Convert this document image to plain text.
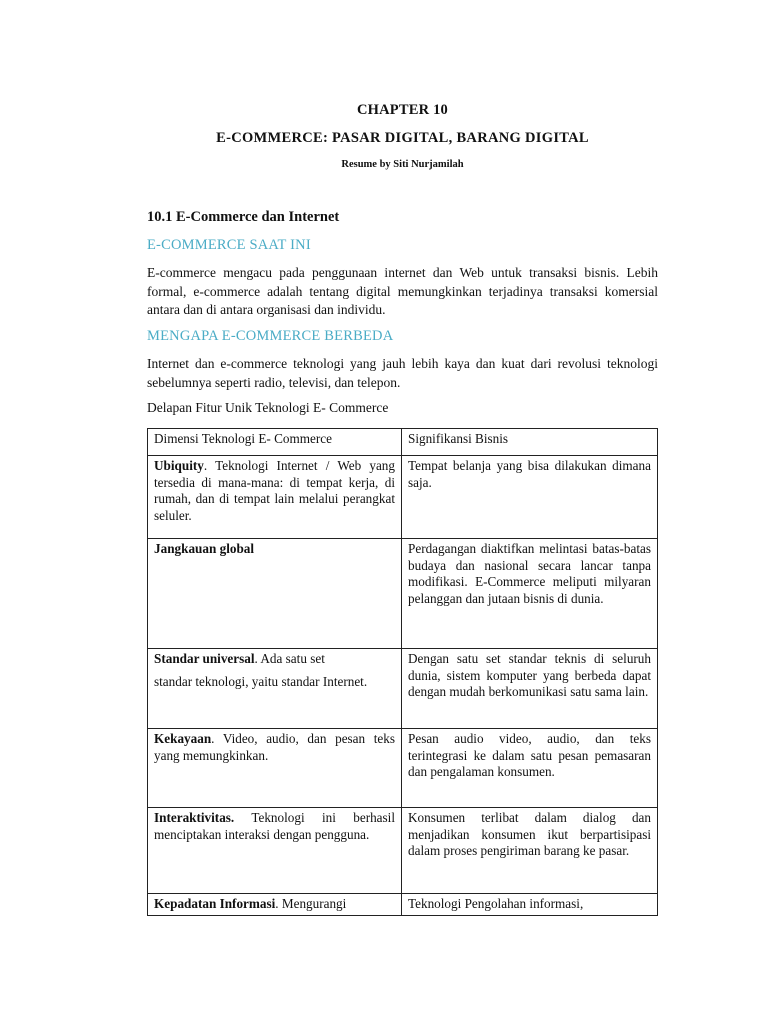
CHAPTER 10
E-COMMERCE: PASAR DIGITAL, BARANG DIGITAL
Resume by Siti Nurjamilah
10.1 E-Commerce dan Internet
E-COMMERCE SAAT INI
E-commerce mengacu pada penggunaan internet dan Web untuk transaksi bisnis. Lebih formal, e-commerce adalah tentang digital memungkinkan terjadinya transaksi komersial antara dan di antara organisasi dan individu.
MENGAPA E-COMMERCE BERBEDA
Internet dan e-commerce teknologi yang jauh lebih kaya dan kuat dari revolusi teknologi sebelumnya seperti radio, televisi, dan telepon.
Delapan Fitur Unik Teknologi E- Commerce
Dimensi Teknologi E- Commerce	Signifikansi Bisnis
Ubiquity. Teknologi Internet / Web yang tersedia di mana-mana: di tempat kerja, di rumah, dan di tempat lain melalui perangkat seluler.	Tempat belanja yang bisa dilakukan dimana saja.
Jangkauan global	Perdagangan diaktifkan melintasi batas-batas budaya dan nasional secara lancar tanpa modifikasi. E-Commerce meliputi milyaran pelanggan dan jutaan bisnis di dunia.
Standar universal. Ada satu set
standar teknologi, yaitu standar Internet.	Dengan satu set standar teknis di seluruh dunia, sistem komputer yang berbeda dapat dengan mudah berkomunikasi satu sama lain.
Kekayaan. Video, audio, dan pesan teks yang memungkinkan.	Pesan audio video, audio, dan teks terintegrasi ke dalam satu pesan pemasaran dan pengalaman konsumen.
Interaktivitas. Teknologi ini berhasil menciptakan interaksi dengan pengguna.	Konsumen terlibat dalam dialog dan menjadikan konsumen ikut berpartisipasi dalam proses pengiriman barang ke pasar.
Kepadatan Informasi. Mengurangi	Teknologi Pengolahan informasi,
